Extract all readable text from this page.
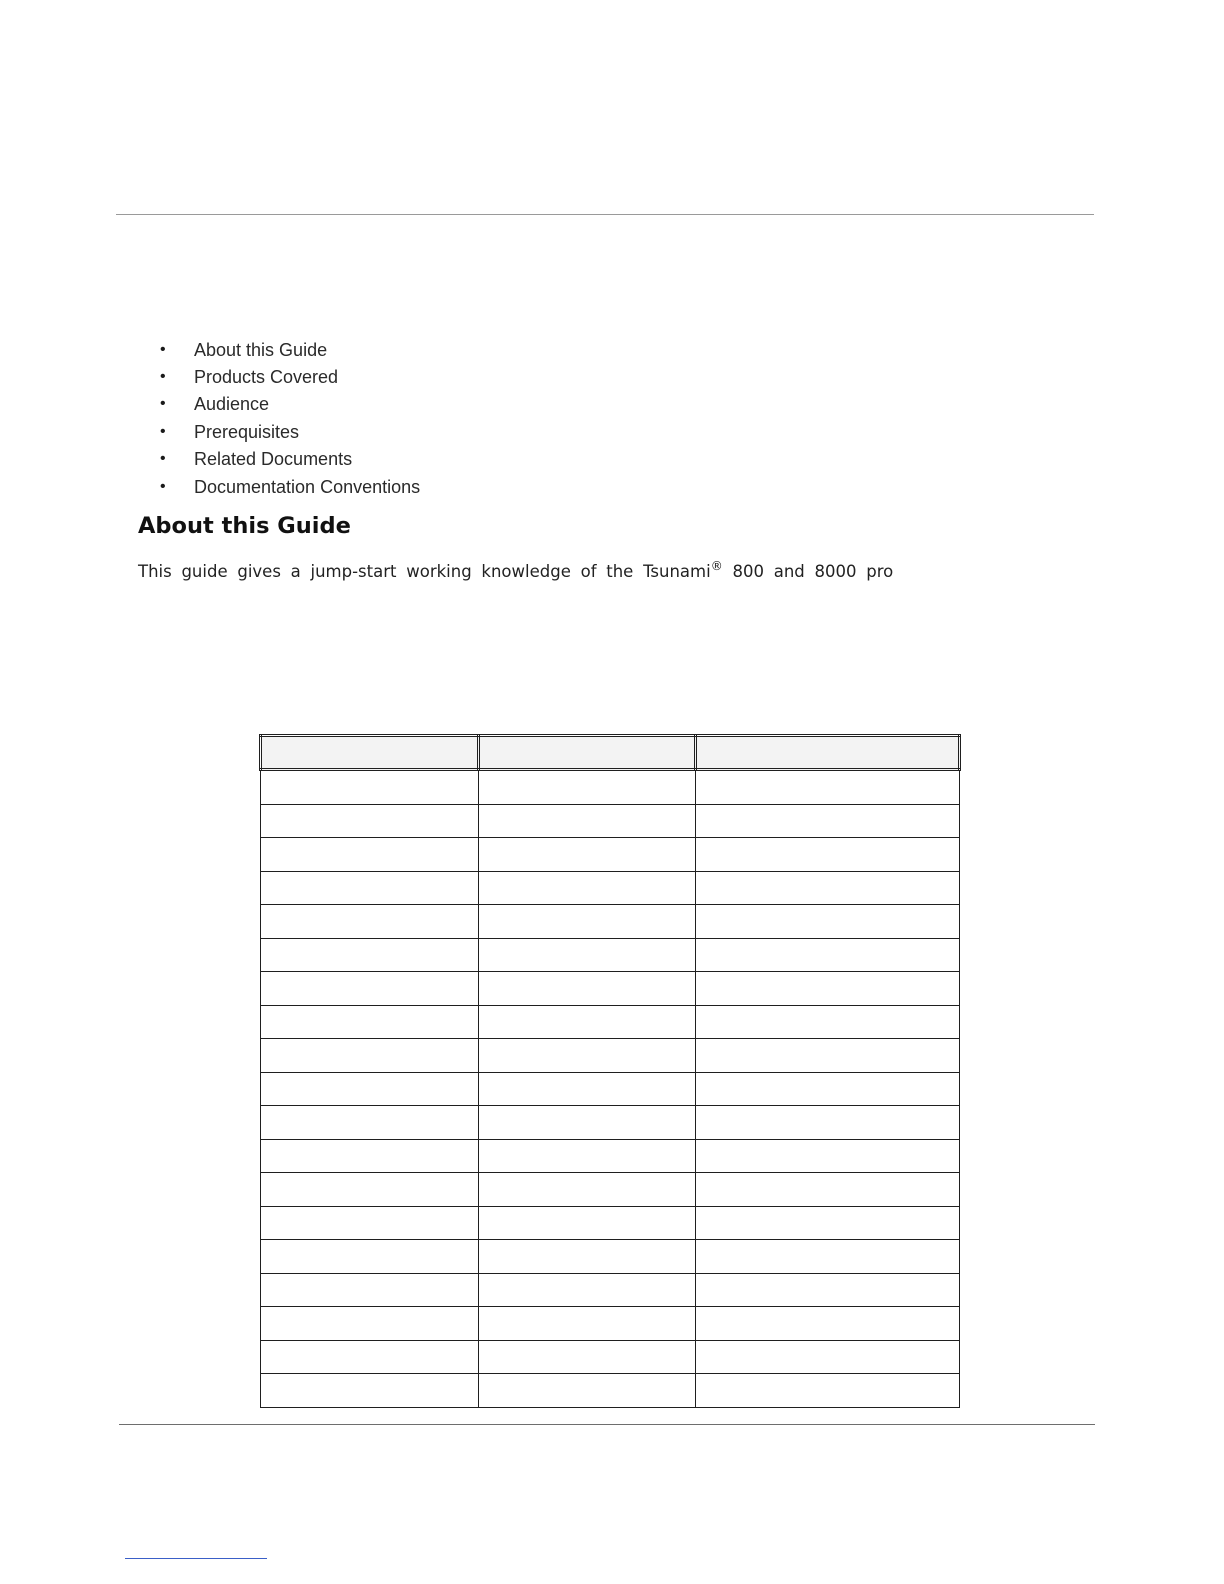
•	About this Guide
•	Products Covered
•	Audience
•	Prerequisites
•	Related Documents
•	Documentation Conventions
About this Guide

This guide gives a jump-start working knowledge of the Tsunami® 800 and 8000 pro
